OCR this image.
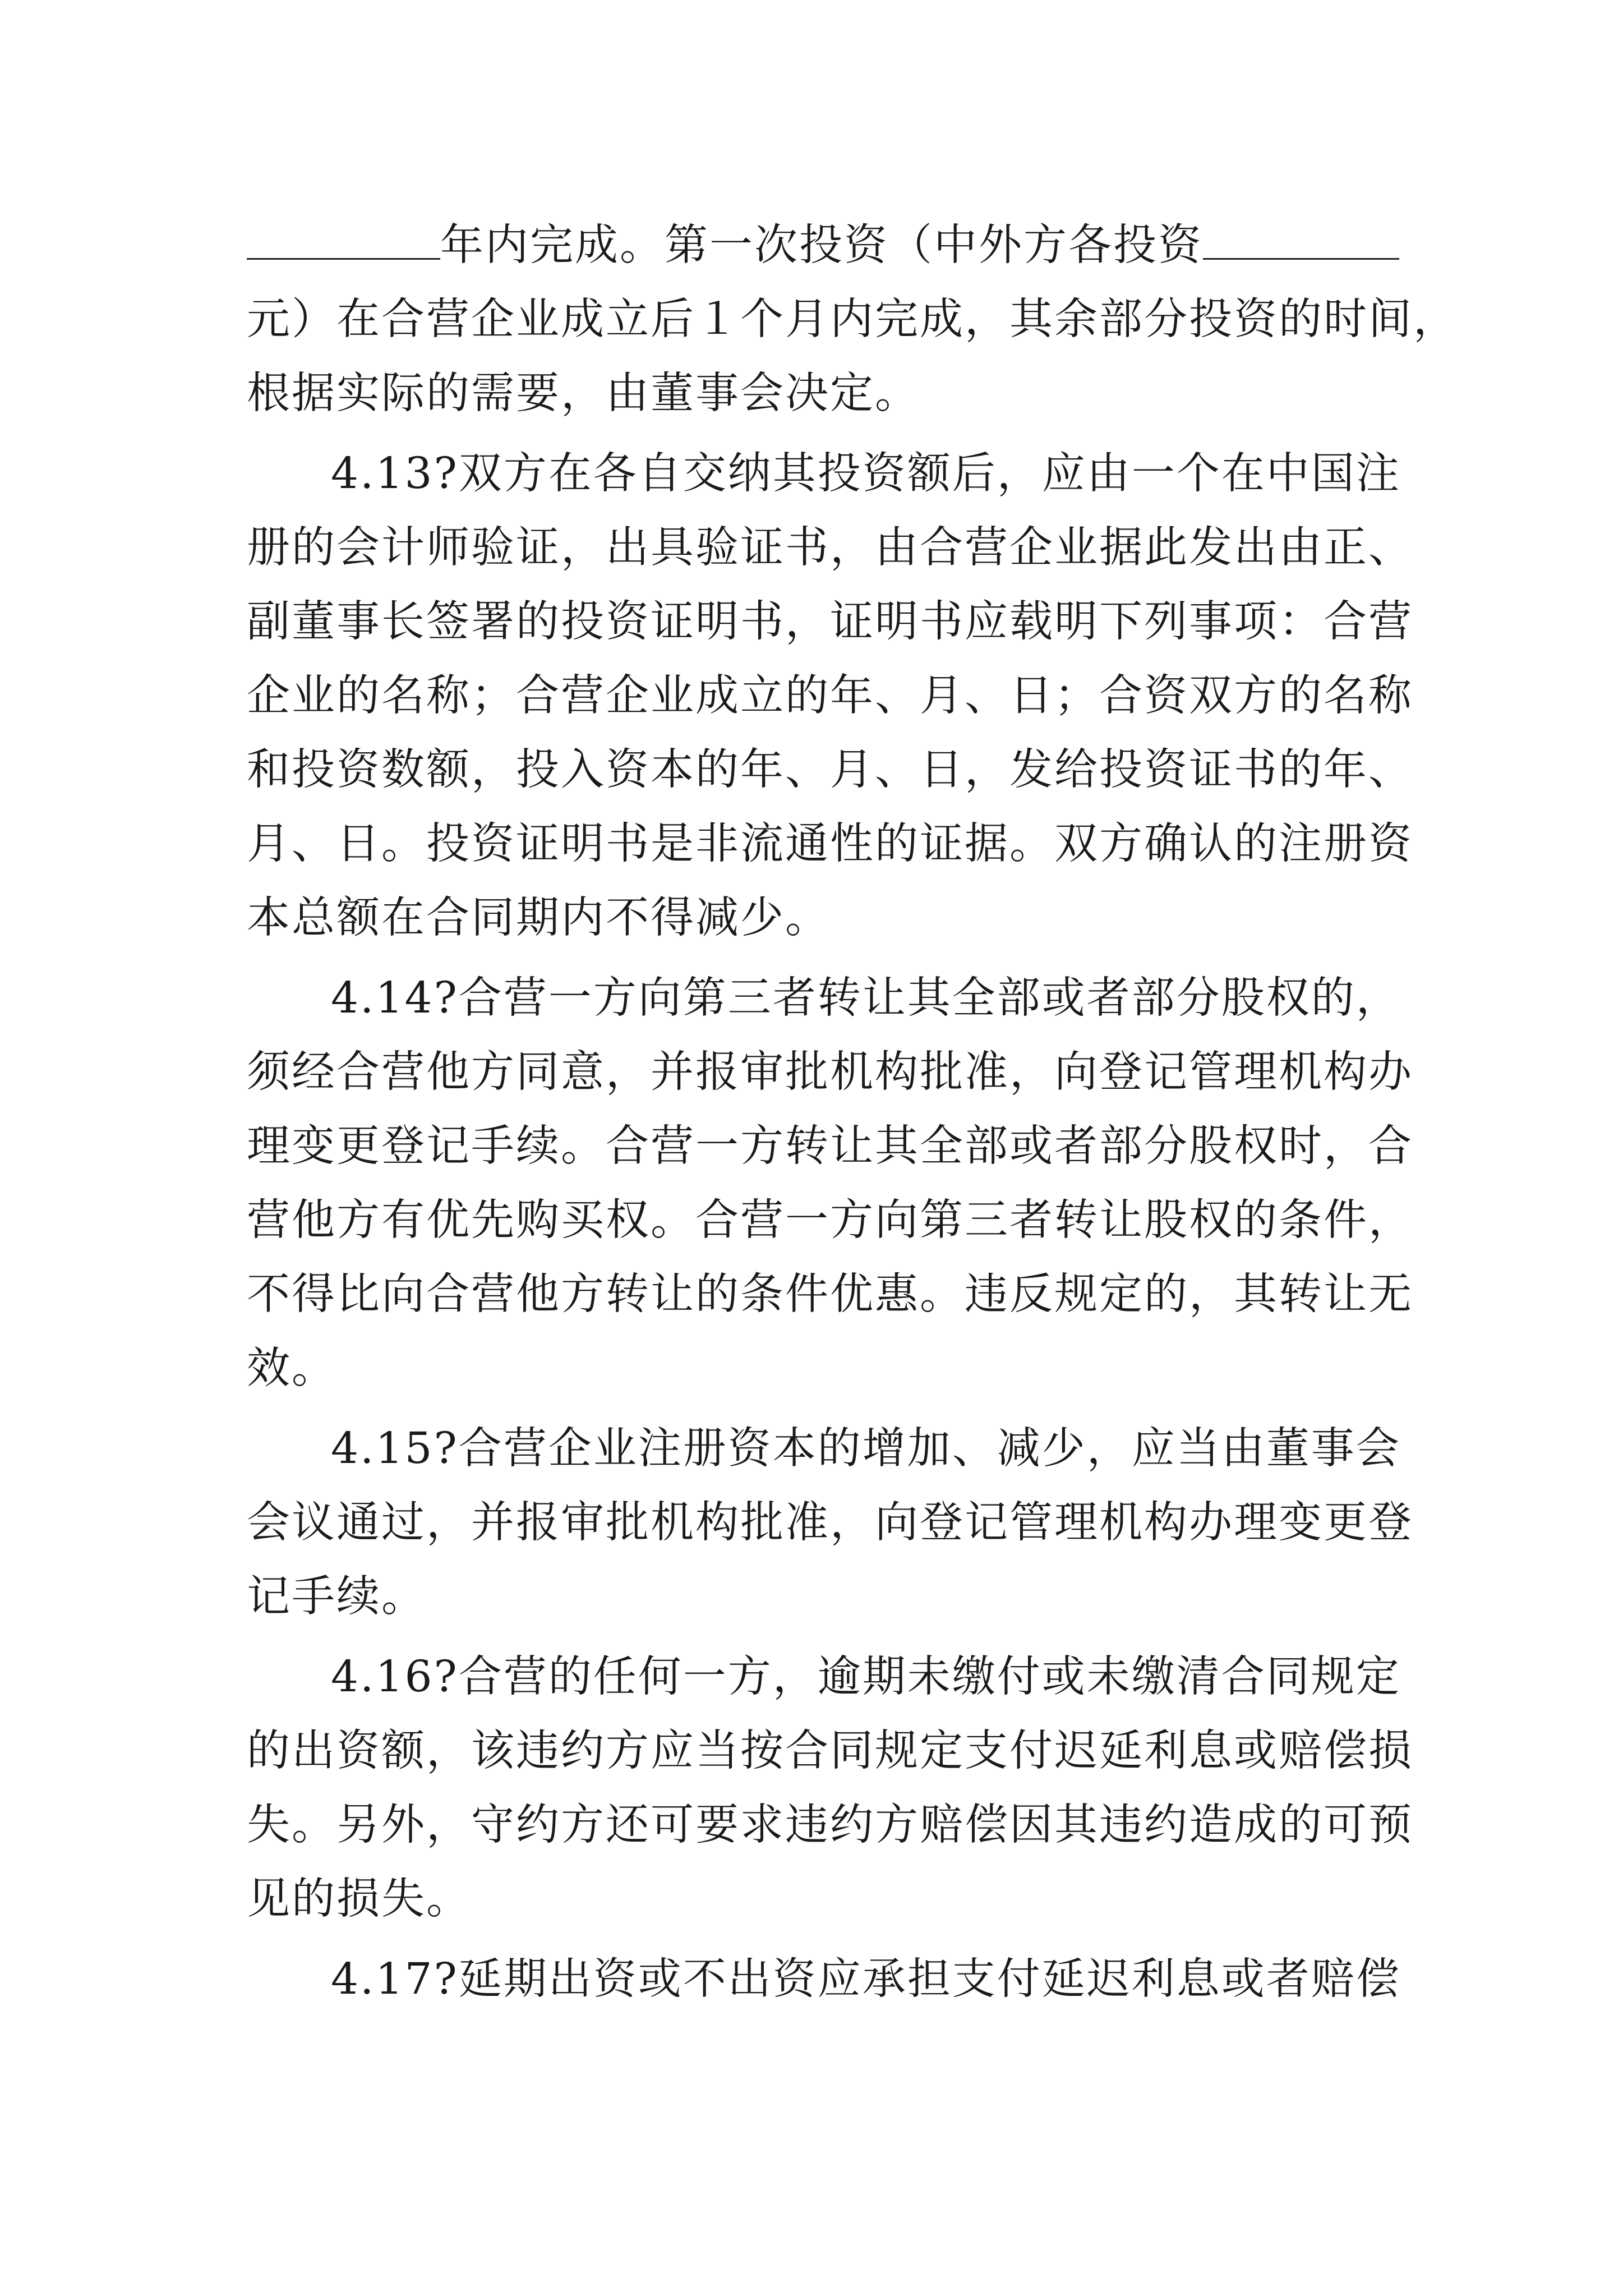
年内完成。第一次投资（中外方各投资
元）在合营企业成立后１个月内完成，其余部分投资的时间，
根据实际的需要，由董事会决定。
4.13?双方在各自交纳其投资额后，应由一个在中国注
册的会计师验证，出具验证书，由合营企业据此发出由正、
副董事长签署的投资证明书，证明书应载明下列事项：合营
企业的名称；合营企业成立的年、月、日；合资双方的名称
和投资数额，投入资本的年、月、日，发给投资证书的年、
月、日。投资证明书是非流通性的证据。双方确认的注册资
本总额在合同期内不得减少。
4.14?合营一方向第三者转让其全部或者部分股权的，
须经合营他方同意，并报审批机构批准，向登记管理机构办
理变更登记手续。合营一方转让其全部或者部分股权时，合
营他方有优先购买权。合营一方向第三者转让股权的条件，
不得比向合营他方转让的条件优惠。违反规定的，其转让无
效。
4.15?合营企业注册资本的增加、减少，应当由董事会
会议通过，并报审批机构批准，向登记管理机构办理变更登
记手续。
4.16?合营的任何一方，逾期未缴付或未缴清合同规定
的出资额，该违约方应当按合同规定支付迟延利息或赔偿损
失。另外，守约方还可要求违约方赔偿因其违约造成的可预
见的损失。
4.17?延期出资或不出资应承担支付延迟利息或者赔偿
